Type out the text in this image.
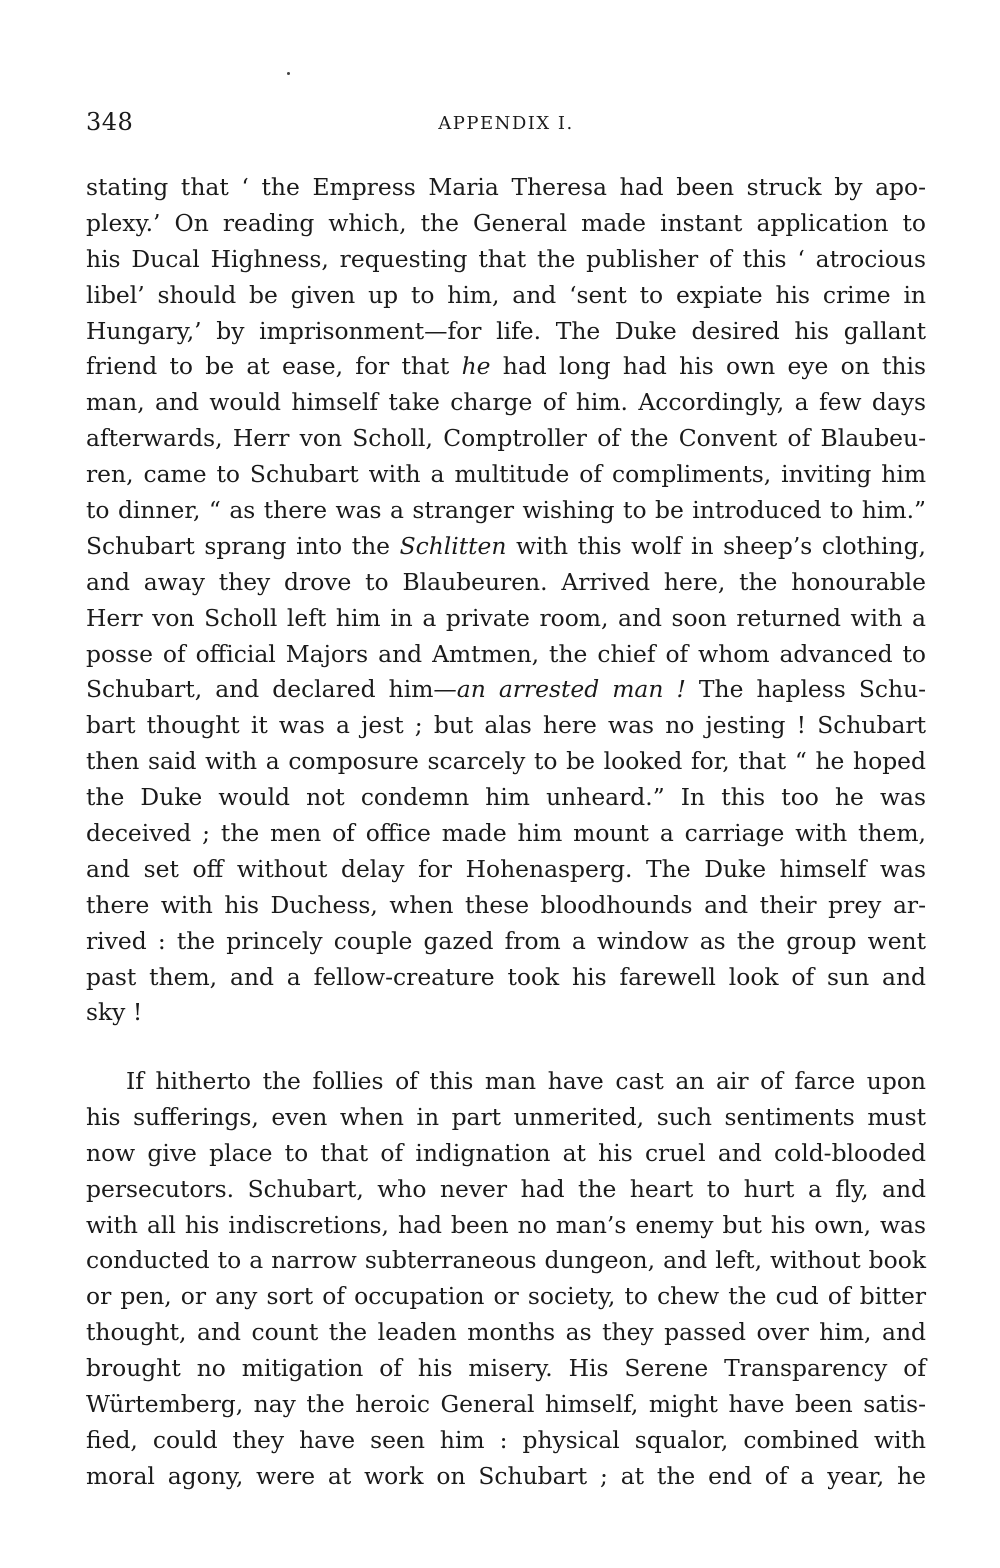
348	APPENDIX I.
stating that ‘ the Empress Maria Theresa had been struck by apo-
plexy.’ On reading which, the General made instant application to
his Ducal Highness, requesting that the publisher of this ‘ atrocious
libel’ should be given up to him, and ‘sent to expiate his crime in
Hungary,’ by imprisonment—for life. The Duke desired his gallant
friend to be at ease, for that he had long had his own eye on this
man, and would himself take charge of him. Accordingly, a few days
afterwards, Herr von Scholl, Comptroller of the Convent of Blaubeu-
ren, came to Schubart with a multitude of compliments, inviting him
to dinner, “ as there was a stranger wishing to be introduced to him.”
Schubart sprang into the Schlitten with this wolf in sheep’s clothing,
and away they drove to Blaubeuren. Arrived here, the honourable
Herr von Scholl left him in a private room, and soon returned with a
posse of official Majors and Amtmen, the chief of whom advanced to
Schubart, and declared him—an arrested man ! The hapless Schu-
bart thought it was a jest ; but alas here was no jesting ! Schubart
then said with a composure scarcely to be looked for, that “ he hoped
the Duke would not condemn him unheard.” In this too he was
deceived ; the men of office made him mount a carriage with them,
and set off without delay for Hohenasperg. The Duke himself was
there with his Duchess, when these bloodhounds and their prey ar-
rived : the princely couple gazed from a window as the group went
past them, and a fellow-creature took his farewell look of sun and
sky !
If hitherto the follies of this man have cast an air of farce upon
his sufferings, even when in part unmerited, such sentiments must
now give place to that of indignation at his cruel and cold-blooded
persecutors. Schubart, who never had the heart to hurt a fly, and
with all his indiscretions, had been no man’s enemy but his own, was
conducted to a narrow subterraneous dungeon, and left, without book
or pen, or any sort of occupation or society, to chew the cud of bitter
thought, and count the leaden months as they passed over him, and
brought no mitigation of his misery. His Serene Transparency of
Würtemberg, nay the heroic General himself, might have been satis-
fied, could they have seen him : physical squalor, combined with
moral agony, were at work on Schubart ; at the end of a year, he
